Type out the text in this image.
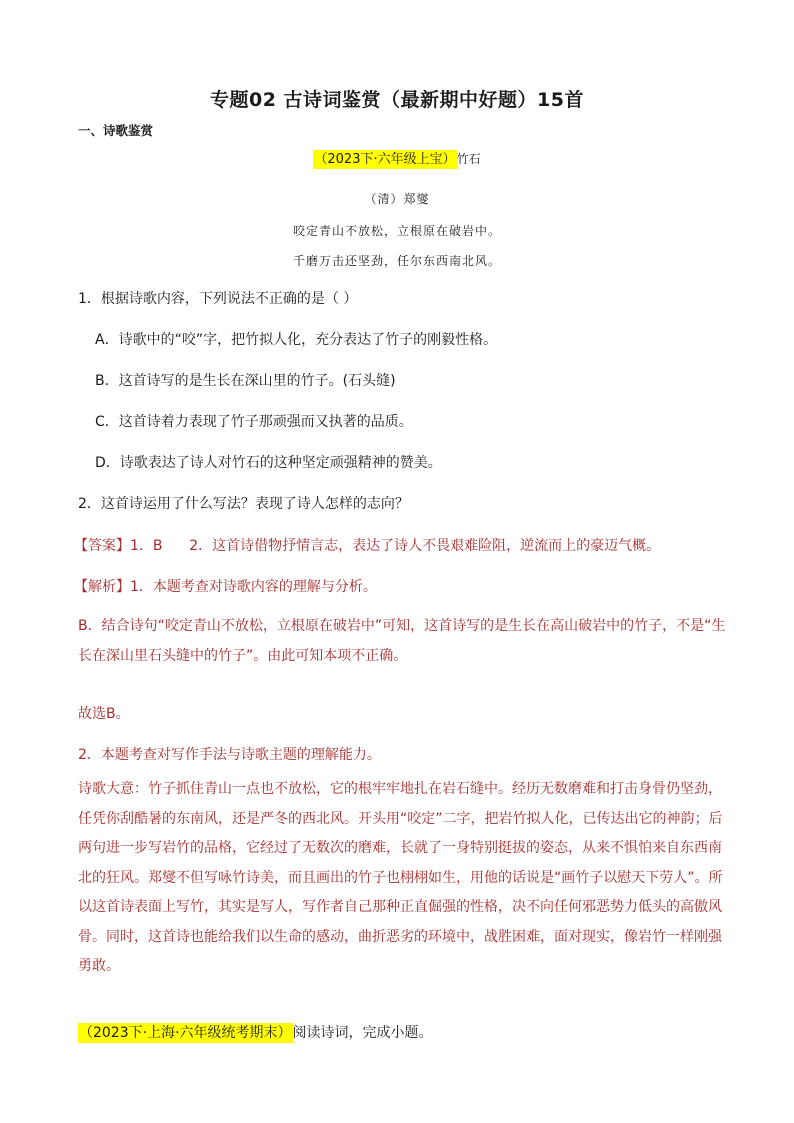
专题02 古诗词鉴赏（最新期中好题）15首
一、诗歌鉴赏
（2023下·六年级上宝）竹石
（清）郑燮
咬定青山不放松，立根原在破岩中。
千磨万击还坚劲，任尔东西南北风。
1．根据诗歌内容，下列说法不正确的是（ ）
A．诗歌中的“咬”字，把竹拟人化，充分表达了竹子的刚毅性格。
B．这首诗写的是生长在深山里的竹子。(石头缝)
C．这首诗着力表现了竹子那顽强而又执著的品质。
D．诗歌表达了诗人对竹石的这种坚定顽强精神的赞美。
2．这首诗运用了什么写法？表现了诗人怎样的志向？
【答案】1．B      2．这首诗借物抒情言志，表达了诗人不畏艰难险阻，逆流而上的豪迈气概。
【解析】1．本题考查对诗歌内容的理解与分析。
B．结合诗句“咬定青山不放松，立根原在破岩中”可知，这首诗写的是生长在高山破岩中的竹子，不是“生长在深山里石头缝中的竹子”。由此可知本项不正确。
故选B。
2．本题考查对写作手法与诗歌主题的理解能力。
诗歌大意：竹子抓住青山一点也不放松，它的根牢牢地扎在岩石缝中。经历无数磨难和打击身骨仍坚劲，任凭你刮酷暑的东南风，还是严冬的西北风。开头用“咬定”二字，把岩竹拟人化，已传达出它的神韵；后两句进一步写岩竹的品格，它经过了无数次的磨难，长就了一身特别挺拔的姿态，从来不惧怕来自东西南北的狂风。郑燮不但写咏竹诗美，而且画出的竹子也栩栩如生，用他的话说是“画竹子以慰天下劳人”。所以这首诗表面上写竹，其实是写人，写作者自己那种正直倔强的性格，决不向任何邪恶势力低头的高傲风骨。同时，这首诗也能给我们以生命的感动，曲折恶劣的环境中，战胜困难，面对现实，像岩竹一样刚强勇敢。
（2023下·上海·六年级统考期末）阅读诗词，完成小题。
